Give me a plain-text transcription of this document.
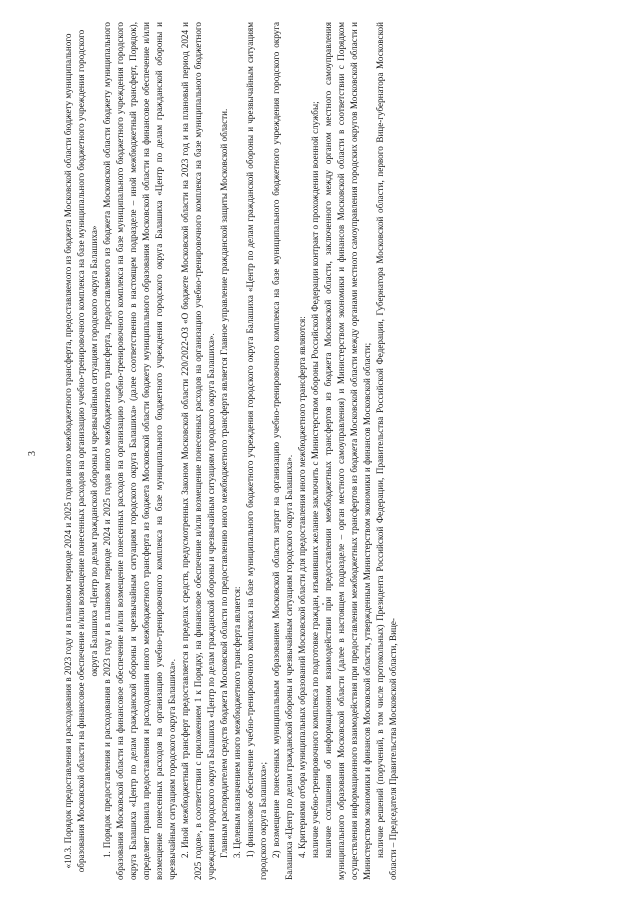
3	«10.3. Порядок предоставления и расходования в 2023 году и в плановом периоде 2024 и 2025 годов иного межбюджетного трансферта, предоставляемого из бюджета Московской области бюджету муниципального образования Московской области на финансовое обеспечение и/или возмещение понесенных расходов на организацию учебно-тренировочного комплекса на базе муниципального бюджетного учреждения городского округа Балашиха «Центр по делам гражданской обороны и чрезвычайным ситуациям городского округа Балашиха» 1. Порядок предоставления и расходования в 2023 году и в плановом периоде 2024 и 2025 годов иного межбюджетного трансферта, предоставляемого из бюджета Московской области бюджету муниципального образования Московской области на финансовое обеспечение и/или возмещение понесенных расходов на организацию учебно-тренировочного комплекса на базе муниципального бюджетного учреждения городского округа Балашиха «Центр по делам гражданской обороны и чрезвычайным ситуациям городского округа Балашиха» (далее соответственно в настоящем подразделе – иной межбюджетный трансферт, Порядок), определяет правила предоставления и расходования иного межбюджетного трансферта из бюджета Московской области бюджету муниципального образования Московской области на финансовое обеспечение и/или возмещение понесенных расходов на организацию учебно-тренировочного комплекса на базе муниципального бюджетного учреждения городского округа Балашиха «Центр по делам гражданской обороны и чрезвычайным ситуациям городского округа Балашиха». 2. Иной межбюджетный трансферт предоставляется в пределах средств, предусмотренных Законом Московской области 220/2022-ОЗ «О бюджете Московской области на 2023 год и на плановый период 2024 и 2025 годов», в соответствии с приложением 1 к Порядку, на финансовое обеспечение и/или возмещение понесенных расходов на организацию учебно-тренировочного комплекса на базе муниципального бюджетного учреждения городского округа Балашиха «Центр по делам гражданской обороны и чрезвычайным ситуациям городского округа Балашиха». Главным распорядителем средств бюджета Московской области по предоставлению иного межбюджетного трансферта является Главное управление гражданской защиты Московской области. 3. Целевым назначением иного межбюджетного трансферта является: 1) финансовое обеспечение учебно-тренировочного комплекса на базе муниципального бюджетного учреждения городского округа Балашиха «Центр по делам гражданской обороны и чрезвычайным ситуациям городского округа Балашиха»; 2) возмещение понесенных муниципальным образованием Московской области затрат на организацию учебно-тренировочного комплекса на базе муниципального бюджетного учреждения городского округа Балашиха «Центр по делам гражданской обороны и чрезвычайным ситуациям городского округа Балашиха». 4. Критериями отбора муниципальных образований Московской области для предоставления иного межбюджетного трансферта являются: наличие учебно-тренировочного комплекса по подготовке граждан, изъявивших желание заключить с Министерством обороны Российской Федерации контракт о прохождении военной службы; наличие соглашения об информационном взаимодействии при предоставлении межбюджетных трансфертов из бюджета Московской области, заключенного между органом местного самоуправления муниципального образования Московской области (далее в настоящем подразделе – орган местного самоуправления) и Министерством экономики и финансов Московской области в соответствии с Порядком осуществления информационного взаимодействия при предоставлении межбюджетных трансфертов из бюджета Московской области между органами местного самоуправления городских округов Московской области и Министерством экономики и финансов Московской области, утвержденным Министерством экономики и финансов Московской области; наличие решений (поручений, в том числе протокольных) Президента Российской Федерации, Правительства Российской Федерации, Губернатора Московской области, первого Вице-губернатора Московской области – Председателя Правительства Московской области, Вице-
